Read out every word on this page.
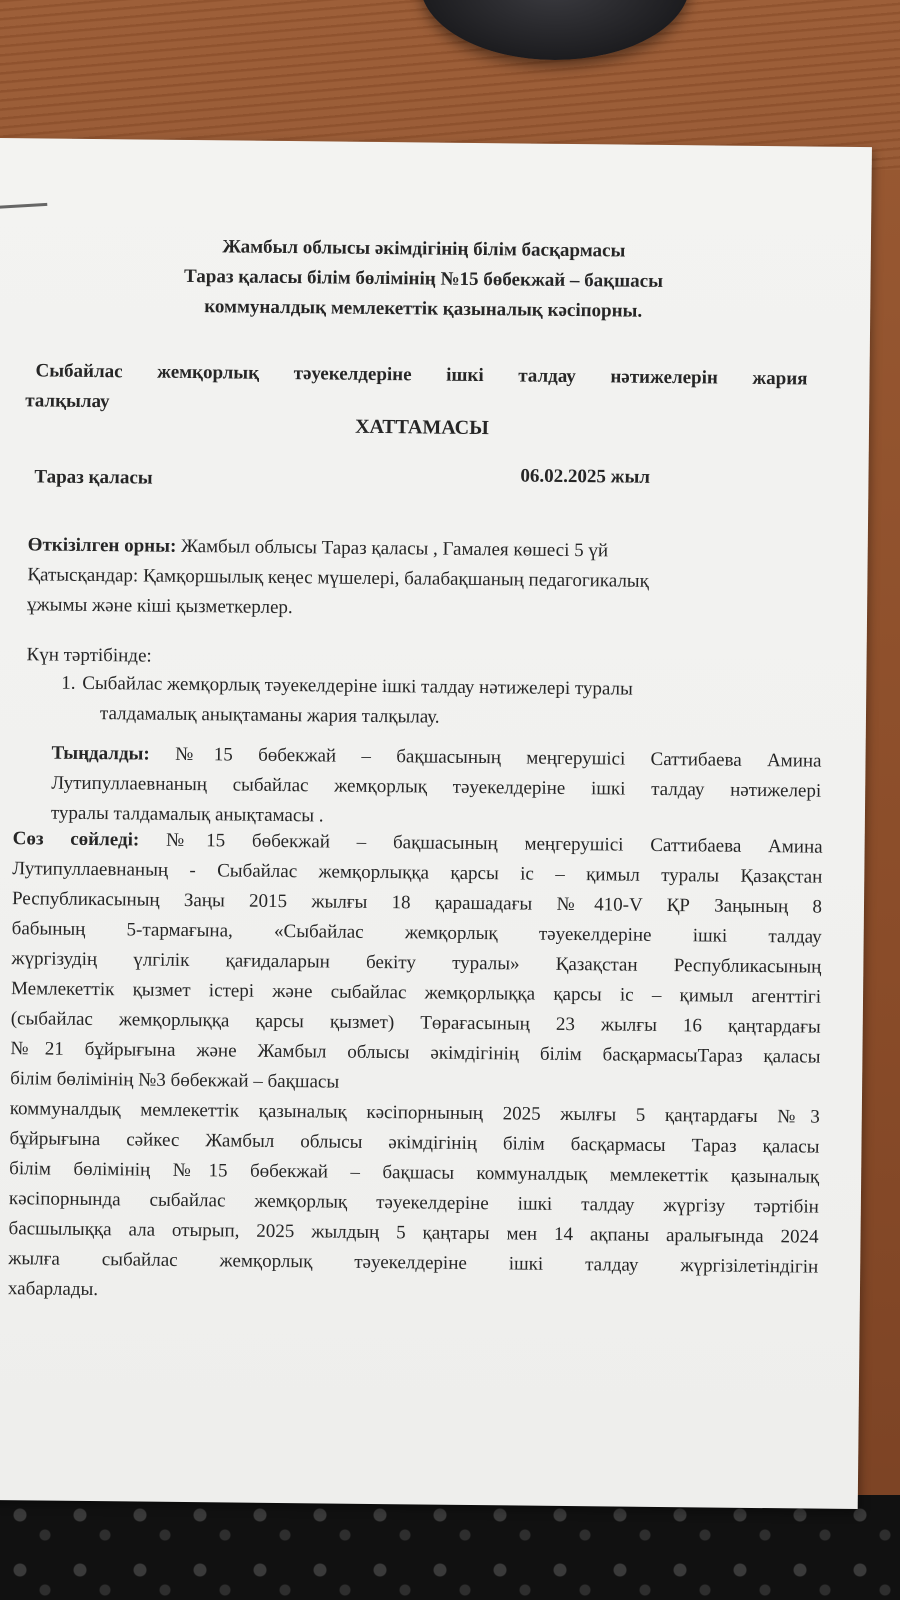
Жамбыл облысы әкімдігінің білім басқармасы
Тараз қаласы білім бөлімінің №15 бөбекжай – бақшасы
коммуналдық мемлекеттік қазыналық кәсіпорны.
Сыбайлас жемқорлық тәуекелдеріне ішкі талдау нәтижелерін жария
талқылау
ХАТТАМАСЫ
Тараз қаласы	06.02.2025 жыл
Өткізілген орны: Жамбыл облысы Тараз қаласы , Гамалея көшесі 5 үй
Қатысқандар: Қамқоршылық кеңес мүшелері, балабақшаның педагогикалық
ұжымы және кіші қызметкерлер.
Күн тәртібінде:
1. Сыбайлас жемқорлық тәуекелдеріне ішкі талдау нәтижелері туралы
талдамалық анықтаманы жария талқылау.
Тыңдалды: №15 бөбекжай – бақшасының меңгерушісі Саттибаева Амина
Лутипуллаевнаның сыбайлас жемқорлық тәуекелдеріне ішкі талдау нәтижелері
туралы талдамалық анықтамасы .
Сөз сөйледі: №15 бөбекжай – бақшасының меңгерушісі Саттибаева Амина
Лутипуллаевнаның - Сыбайлас жемқорлыққа қарсы іс – қимыл туралы Қазақстан
Республикасының Заңы 2015 жылғы 18 қарашадағы №410-V ҚР Заңының 8
бабының 5-тармағына, «Сыбайлас жемқорлық тәуекелдеріне ішкі талдау
жүргізудің үлгілік қағидаларын бекіту туралы» Қазақстан Республикасының
Мемлекеттік қызмет істері және сыбайлас жемқорлыққа қарсы іс – қимыл агенттігі
(сыбайлас жемқорлыққа қарсы қызмет) Төрағасының 23 жылғы 16 қаңтардағы
№21 бұйрығына және Жамбыл облысы әкімдігінің білім басқармасыТараз қаласы
білім бөлімінің №3 бөбекжай – бақшасы
коммуналдық мемлекеттік қазыналық кәсіпорнының 2025 жылғы 5 қаңтардағы №3
бұйрығына сәйкес Жамбыл облысы әкімдігінің білім басқармасы Тараз қаласы
білім бөлімінің №15 бөбекжай – бақшасы коммуналдық мемлекеттік қазыналық
кәсіпорнында сыбайлас жемқорлық тәуекелдеріне ішкі талдау жүргізу тәртібін
басшылыққа ала отырып, 2025 жылдың 5 қаңтары мен 14 ақпаны аралығында 2024
жылға сыбайлас жемқорлық тәуекелдеріне ішкі талдау жүргізілетіндігін
хабарлады.
